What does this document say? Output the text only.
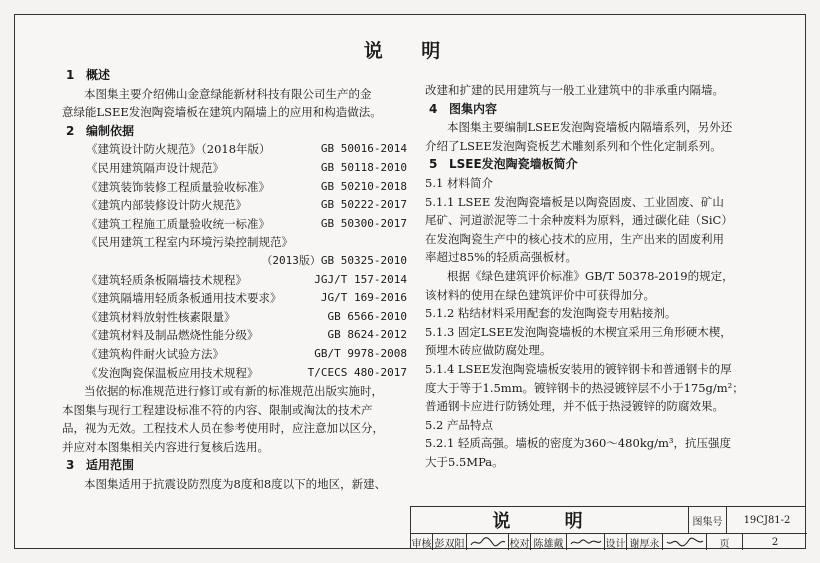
说 明

1 概述

本图集主要介绍佛山金意绿能新材科技有限公司生产的金

意绿能LSEE发泡陶瓷墙板在建筑内隔墙上的应用和构造做法。

2 编制依据

《建筑设计防火规范》（2018年版）	GB 50016-2014

《民用建筑隔声设计规范》	GB 50118-2010

《建筑装饰装修工程质量验收标准》	GB 50210-2018

《建筑内部装修设计防火规范》	GB 50222-2017

《建筑工程施工质量验收统一标准》	GB 50300-2017

《民用建筑工程室内环境污染控制规范》

（2013版）GB 50325-2010

《建筑轻质条板隔墙技术规程》	JGJ/T 157-2014

《建筑隔墙用轻质条板通用技术要求》	JG/T 169-2016

《建筑材料放射性核素限量》	GB 6566-2010

《建筑材料及制品燃烧性能分级》	GB 8624-2012

《建筑构件耐火试验方法》	GB/T 9978-2008

《发泡陶瓷保温板应用技术规程》	T/CECS 480-2017

当依据的标准规范进行修订或有新的标准规范出版实施时，

本图集与现行工程建设标准不符的内容、限制或淘汰的技术产

品，视为无效。工程技术人员在参考使用时，应注意加以区分，

并应对本图集相关内容进行复核后选用。

3 适用范围

本图集适用于抗震设防烈度为8度和8度以下的地区，新建、

改建和扩建的民用建筑与一般工业建筑中的非承重内隔墙。

4 图集内容

本图集主要编制LSEE发泡陶瓷墙板内隔墙系列，另外还

介绍了LSEE发泡陶瓷板艺术雕刻系列和个性化定制系列。

5 LSEE发泡陶瓷墙板简介

5.1 材料简介

5.1.1 LSEE 发泡陶瓷墙板是以陶瓷固废、工业固废、矿山

尾矿、河道淤泥等二十余种废料为原料，通过碳化硅（SiC）

在发泡陶瓷生产中的核心技术的应用，生产出来的固废利用

率超过85%的轻质高强板材。

根据《绿色建筑评价标准》GB/T 50378-2019的规定，

该材料的使用在绿色建筑评价中可获得加分。

5.1.2 粘结材料采用配套的发泡陶瓷专用粘接剂。

5.1.3 固定LSEE发泡陶瓷墙板的木楔宜采用三角形硬木楔，

预埋木砖应做防腐处理。

5.1.4 LSEE发泡陶瓷墙板安装用的镀锌钢卡和普通钢卡的厚

度大于等于1.5mm。镀锌钢卡的热浸镀锌层不小于175g/m²；

普通钢卡应进行防锈处理，并不低于热浸镀锌的防腐效果。

5.2 产品特点

5.2.1 轻质高强。墙板的密度为360～480kg/m³，抗压强度

大于5.5MPa。

说 明	图集号	19CJ81-2
审核 彭双阳	校对 陈雄戴	设计 谢厚永	页	2
